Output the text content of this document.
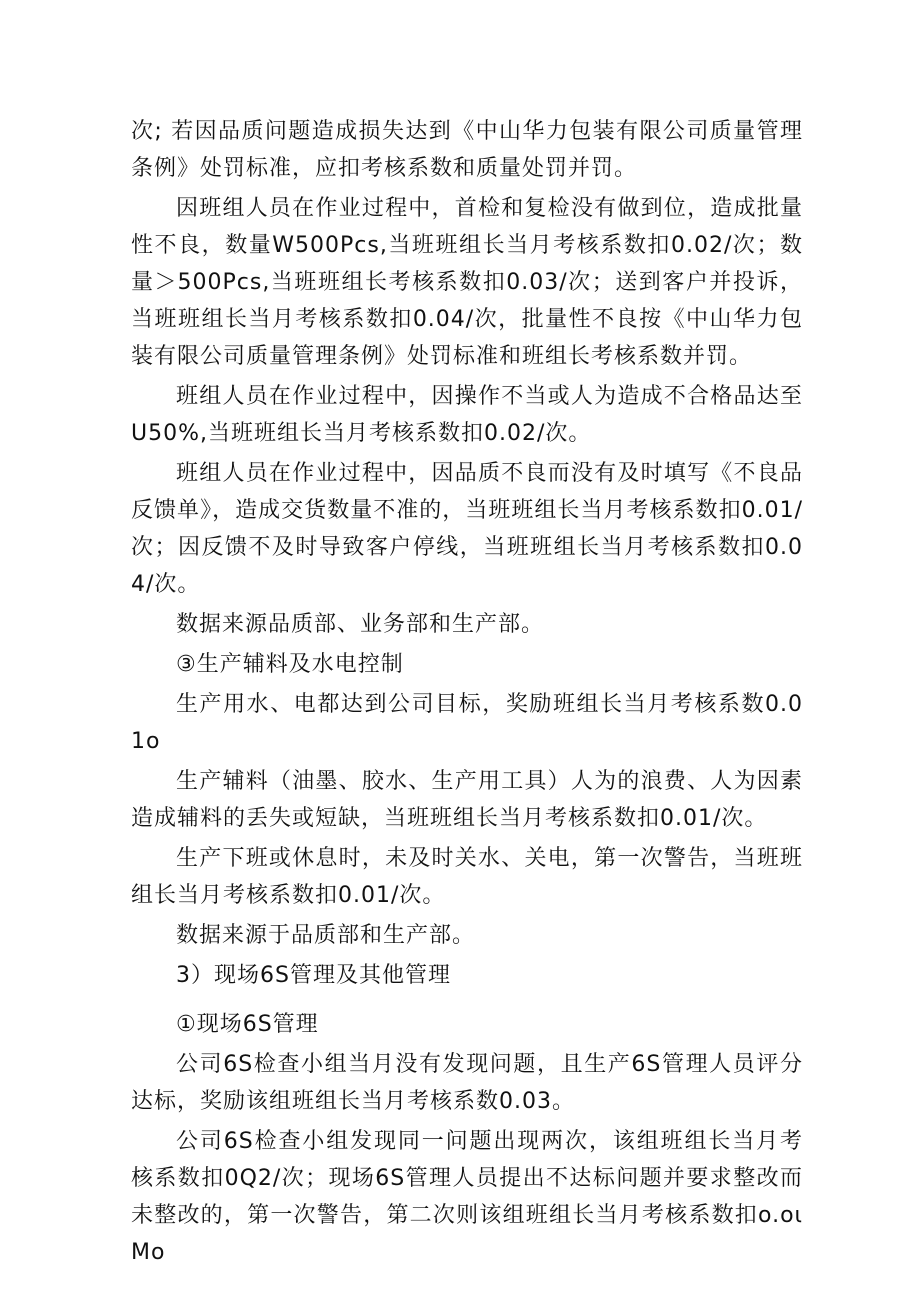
次; 若因品质问题造成损失达到《中山华力包装有限公司质量管理条例》处罚标准，应扣考核系数和质量处罚并罚。

因班组人员在作业过程中，首检和复检没有做到位，造成批量性不良，数量W500Pcs,当班班组长当月考核系数扣0.02/次；数量＞500Pcs,当班班组长考核系数扣0.03/次；送到客户并投诉，当班班组长当月考核系数扣0.04/次，批量性不良按《中山华力包装有限公司质量管理条例》处罚标准和班组长考核系数并罚。

班组人员在作业过程中，因操作不当或人为造成不合格品达至U50%,当班班组长当月考核系数扣0.02/次。

班组人员在作业过程中，因品质不良而没有及时填写《不良品反馈单》，造成交货数量不准的，当班班组长当月考核系数扣0.01/次；因反馈不及时导致客户停线，当班班组长当月考核系数扣0.04/次。

数据来源品质部、业务部和生产部。

③生产辅料及水电控制

生产用水、电都达到公司目标，奖励班组长当月考核系数0.01o

生产辅料（油墨、胶水、生产用工具）人为的浪费、人为因素造成辅料的丢失或短缺，当班班组长当月考核系数扣0.01/次。

生产下班或休息时，未及时关水、关电，第一次警告，当班班组长当月考核系数扣0.01/次。

数据来源于品质部和生产部。

3）现场6S管理及其他管理

①现场6S管理

公司6S检查小组当月没有发现问题，且生产6S管理人员评分达标，奖励该组班组长当月考核系数0.03。

公司6S检查小组发现同一问题出现两次，该组班组长当月考核系数扣0Q2/次；现场6S管理人员提出不达标问题并要求整改而未整改的，第一次警告，第二次则该组班组长当月考核系数扣o.oιMo
